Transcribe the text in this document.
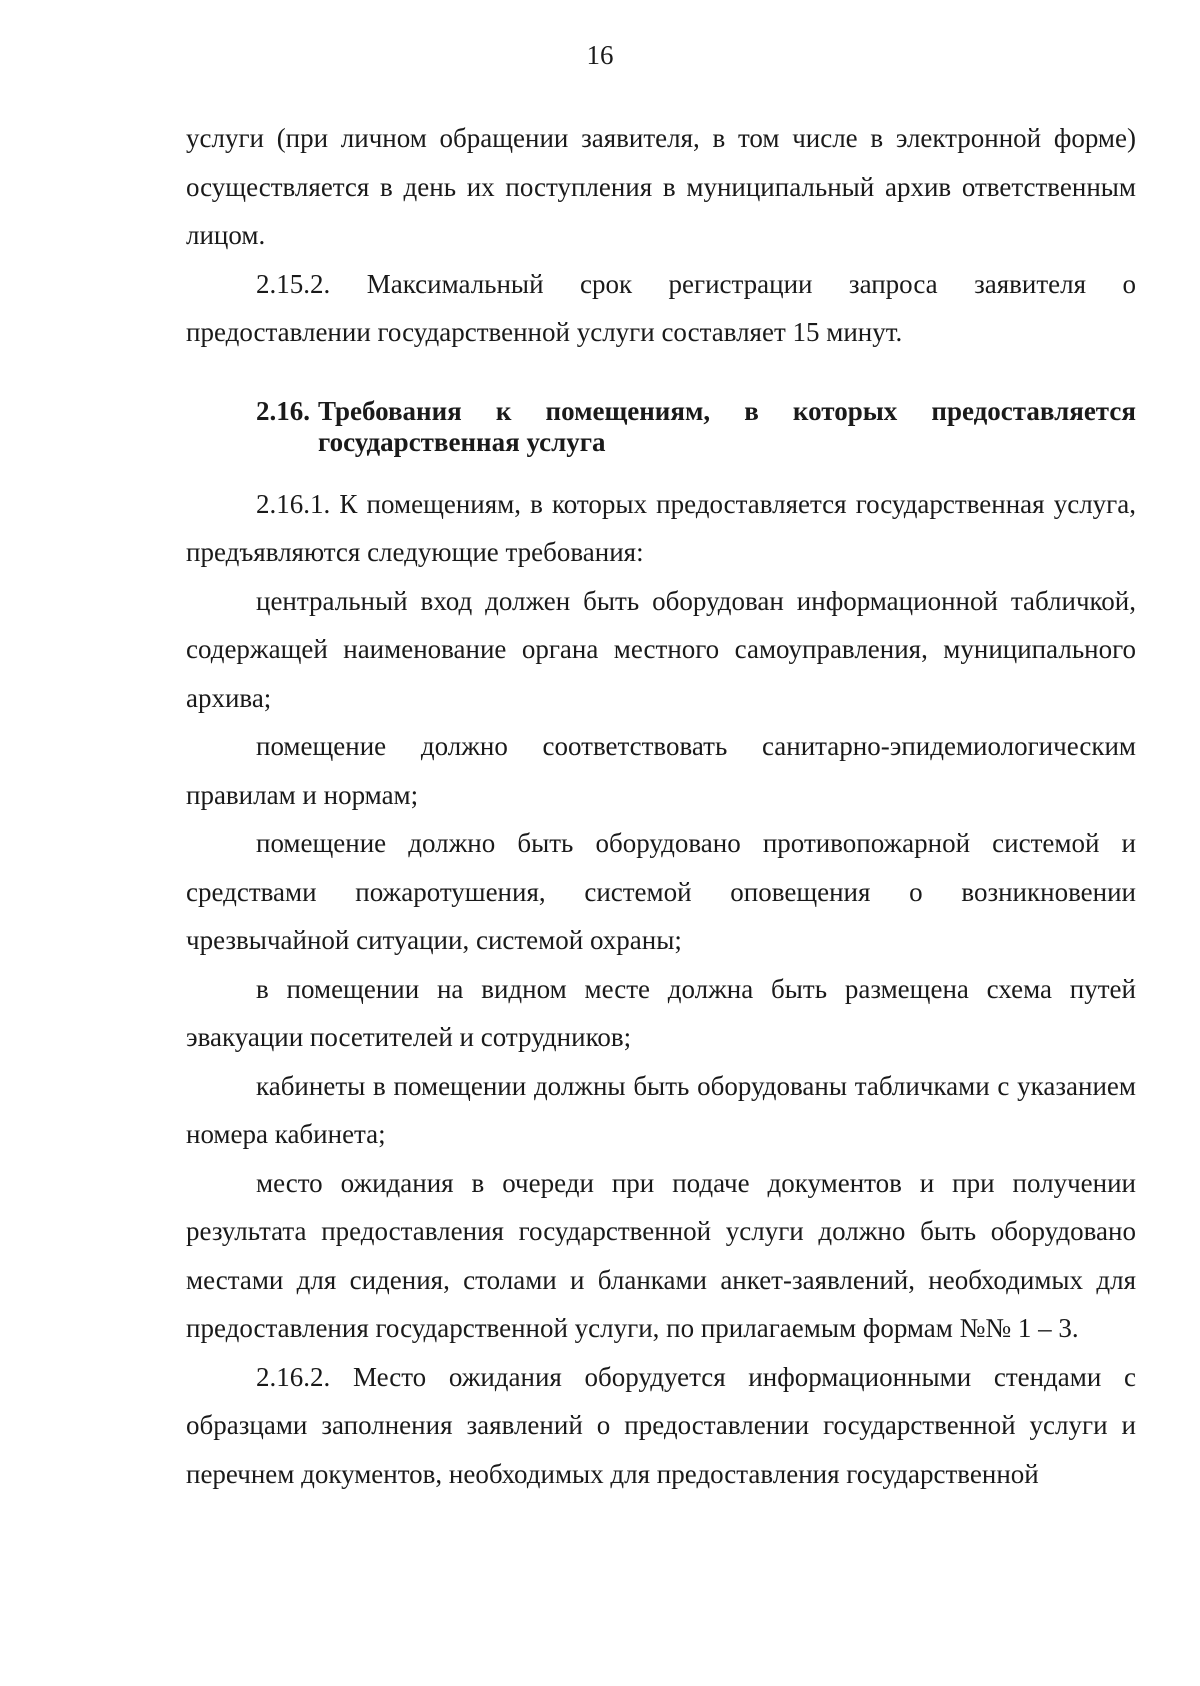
16

услуги (при личном обращении заявителя, в том числе в электронной форме) осуществляется в день их поступления в муниципальный архив ответственным лицом.

2.15.2. Максимальный срок регистрации запроса заявителя о предоставлении государственной услуги составляет 15 минут.

2.16. Требования к помещениям, в которых предоставляется государственная услуга

2.16.1. К помещениям, в которых предоставляется государственная услуга, предъявляются следующие требования:

центральный вход должен быть оборудован информационной табличкой, содержащей наименование органа местного самоуправления, муниципального архива;

помещение должно соответствовать санитарно-эпидемиологическим правилам и нормам;

помещение должно быть оборудовано противопожарной системой и средствами пожаротушения, системой оповещения о возникновении чрезвычайной ситуации, системой охраны;

в помещении на видном месте должна быть размещена схема путей эвакуации посетителей и сотрудников;

кабинеты в помещении должны быть оборудованы табличками с указанием номера кабинета;

место ожидания в очереди при подаче документов и при получении результата предоставления государственной услуги должно быть оборудовано местами для сидения, столами и бланками анкет-заявлений, необходимых для предоставления государственной услуги, по прилагаемым формам №№ 1 – 3.

2.16.2. Место ожидания оборудуется информационными стендами с образцами заполнения заявлений о предоставлении государственной услуги и перечнем документов, необходимых для предоставления государственной
